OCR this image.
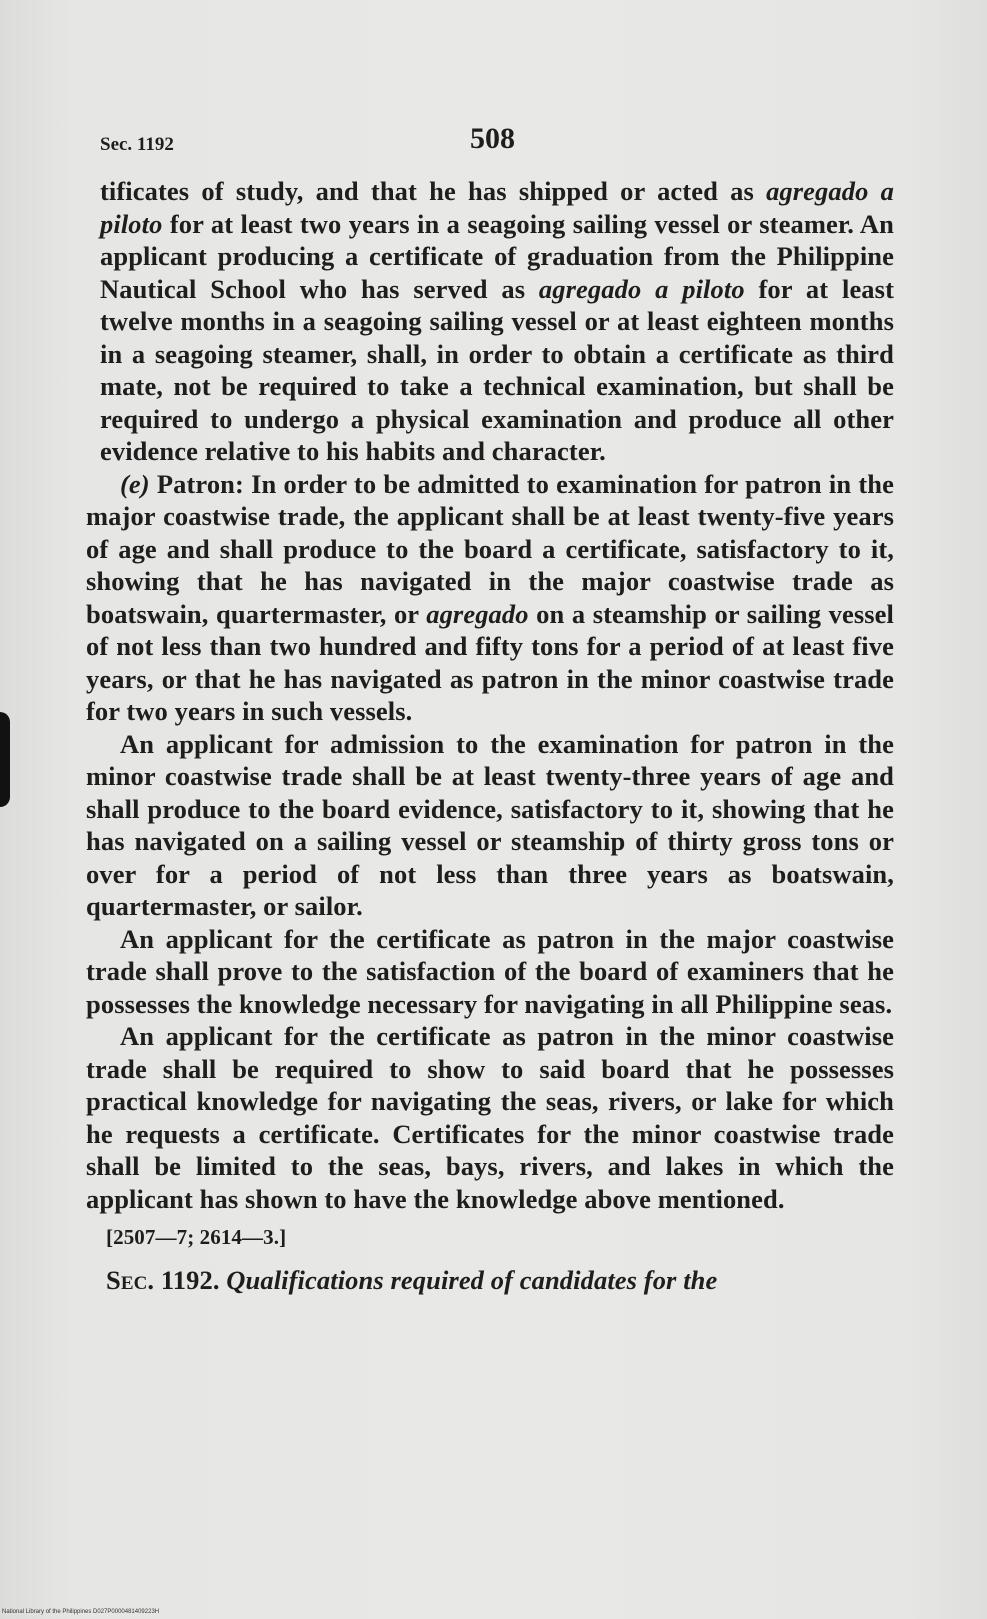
Sec. 1192	508

tificates of study, and that he has shipped or acted as agregado a piloto for at least two years in a seagoing sailing vessel or steamer. An applicant producing a certificate of graduation from the Philippine Nautical School who has served as agregado a piloto for at least twelve months in a seagoing sailing vessel or at least eighteen months in a seagoing steamer, shall, in order to obtain a certificate as third mate, not be required to take a technical examination, but shall be required to undergo a physical examination and produce all other evidence relative to his habits and character.

(e) Patron: In order to be admitted to examination for patron in the major coastwise trade, the applicant shall be at least twenty-five years of age and shall produce to the board a certificate, satisfactory to it, showing that he has navigated in the major coastwise trade as boatswain, quartermaster, or agregado on a steamship or sailing vessel of not less than two hundred and fifty tons for a period of at least five years, or that he has navigated as patron in the minor coastwise trade for two years in such vessels.

An applicant for admission to the examination for patron in the minor coastwise trade shall be at least twenty-three years of age and shall produce to the board evidence, satisfactory to it, showing that he has navigated on a sailing vessel or steamship of thirty gross tons or over for a period of not less than three years as boatswain, quartermaster, or sailor.

An applicant for the certificate as patron in the major coastwise trade shall prove to the satisfaction of the board of examiners that he possesses the knowledge necessary for navigating in all Philippine seas.

An applicant for the certificate as patron in the minor coastwise trade shall be required to show to said board that he possesses practical knowledge for navigating the seas, rivers, or lake for which he requests a certificate. Certificates for the minor coastwise trade shall be limited to the seas, bays, rivers, and lakes in which the applicant has shown to have the knowledge above mentioned.

[2507—7; 2614—3.]

Sec. 1192. Qualifications required of candidates for the

National Library of the Philippines D027P0000481409223H
